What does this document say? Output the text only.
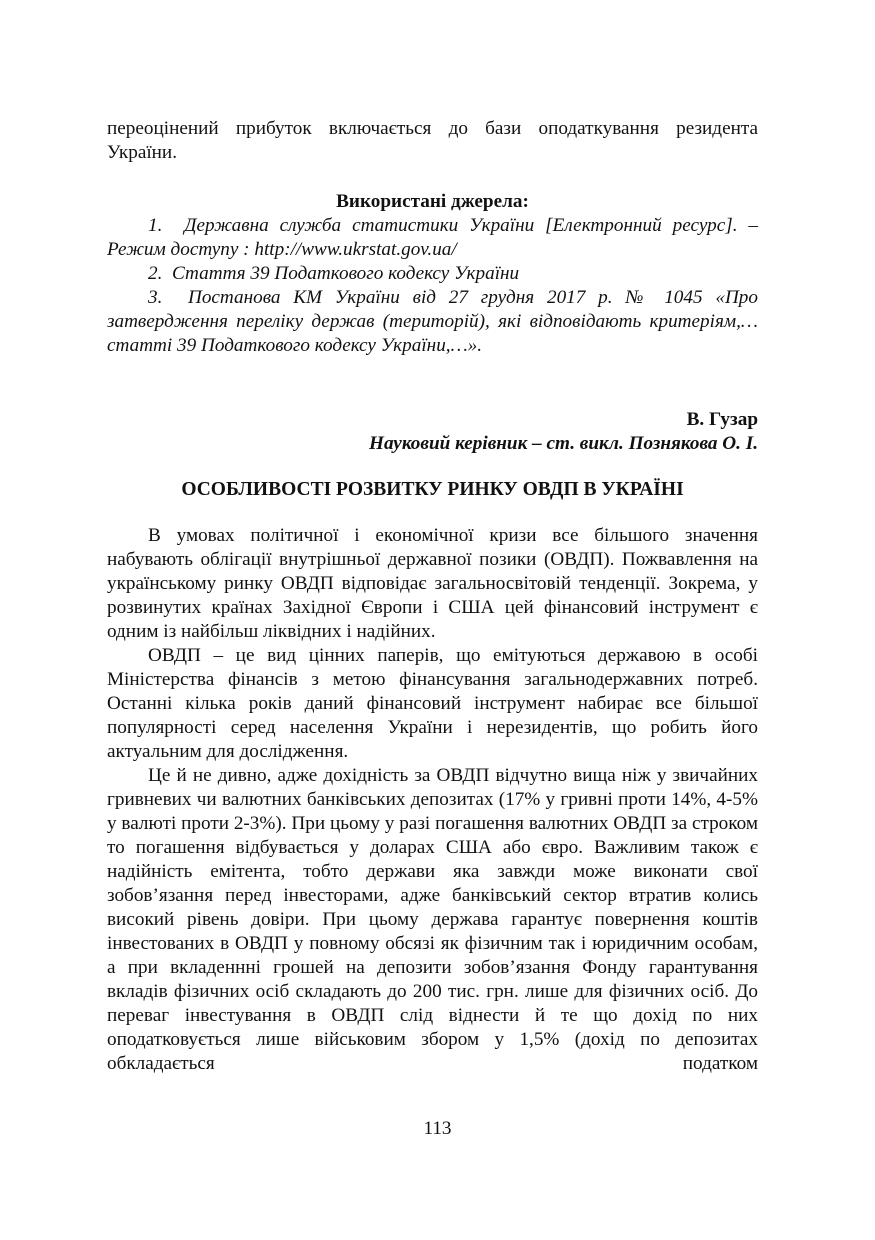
переоцінений прибуток включається до бази оподаткування резидента України.

Використані джерела:

1. Державна служба статистики України [Електронний ресурс]. – Режим доступу : http://www.ukrstat.gov.ua/

2. Стаття 39 Податкового кодексу України

3. Постанова КМ України від 27 грудня 2017 р. № 1045 «Про затвердження переліку держав (територій), які відповідають критеріям,…статті 39 Податкового кодексу України,…».

В. Гузар

Науковий керівник – ст. викл. Познякова О. І.

ОСОБЛИВОСТІ РОЗВИТКУ РИНКУ ОВДП В УКРАЇНІ

В умовах політичної і економічної кризи все більшого значення набувають облігації внутрішньої державної позики (ОВДП). Пожвавлення на українському ринку ОВДП відповідає загальносвітовій тенденції. Зокрема, у розвинутих країнах Західної Європи і США цей фінансовий інструмент є одним із найбільш ліквідних і надійних.

ОВДП – це вид цінних паперів, що емітуються державою в особі Міністерства фінансів з метою фінансування загальнодержавних потреб. Останні кілька років даний фінансовий інструмент набирає все більшої популярності серед населення України і нерезидентів, що робить його актуальним для дослідження.

Це й не дивно, адже дохідність за ОВДП відчутно вища ніж у звичайних гривневих чи валютних банківських депозитах (17% у гривні проти 14%, 4-5% у валюті проти 2-3%). При цьому у разі погашення валютних ОВДП за строком то погашення відбувається у доларах США або євро. Важливим також є надійність емітента, тобто держави яка завжди може виконати свої зобов’язання перед інвесторами, адже банківський сектор втратив колись високий рівень довіри. При цьому держава гарантує повернення коштів інвестованих в ОВДП у повному обсязі як фізичним так і юридичним особам, а при вкладеннні грошей на депозити зобов’язання Фонду гарантування вкладів фізичних осіб складають до 200 тис. грн. лише для фізичних осіб. До переваг інвестування в ОВДП слід віднести й те що дохід по них оподатковується лише військовим збором у 1,5% (дохід по депозитах обкладається податком

113
